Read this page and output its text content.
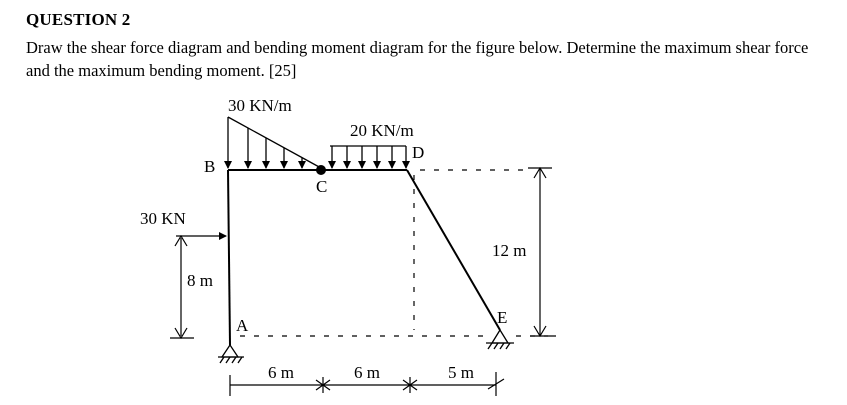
QUESTION 2
Draw the shear force diagram and bending moment diagram for the figure below. Determine the maximum shear force and the maximum bending moment. [25]
30 KN/m
20 KN/m
B
C
D
A	E
30 KN
8 m
12 m
6 m	6 m	5 m
